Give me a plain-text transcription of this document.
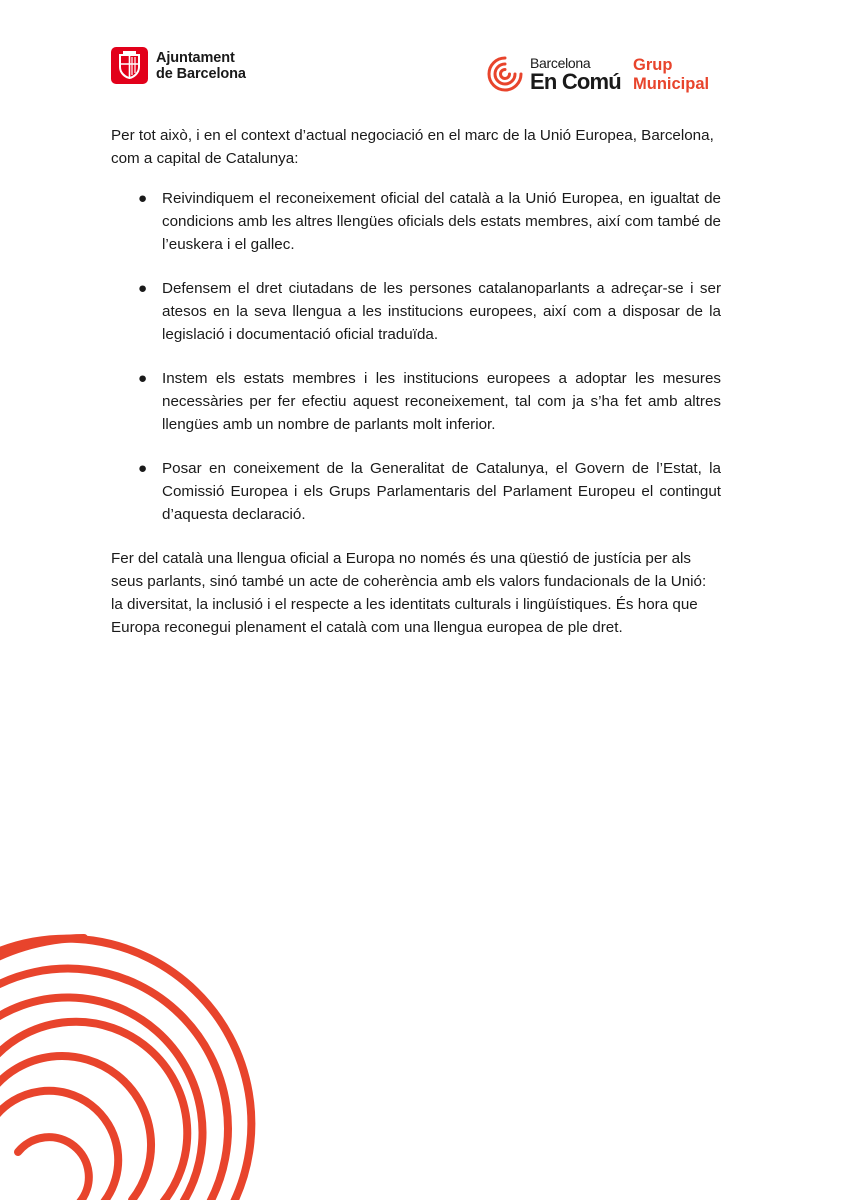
Ajuntament
de Barcelona
Barcelona
En Comú
Grup
Municipal

Per tot això, i en el context d’actual negociació en el marc de la Unió Europea, Barcelona, com a capital de Catalunya:

● Reivindiquem el reconeixement oficial del català a la Unió Europea, en igualtat de condicions amb les altres llengües oficials dels estats membres, així com també de l’euskera i el gallec.
● Defensem el dret ciutadans de les persones catalanoparlants a adreçar-se i ser atesos en la seva llengua a les institucions europees, així com a disposar de la legislació i documentació oficial traduïda.
● Instem els estats membres i les institucions europees a adoptar les mesures necessàries per fer efectiu aquest reconeixement, tal com ja s’ha fet amb altres llengües amb un nombre de parlants molt inferior.
● Posar en coneixement de la Generalitat de Catalunya, el Govern de l’Estat, la Comissió Europea i els Grups Parlamentaris del Parlament Europeu el contingut d’aquesta declaració.

Fer del català una llengua oficial a Europa no només és una qüestió de justícia per als seus parlants, sinó també un acte de coherència amb els valors fundacionals de la Unió: la diversitat, la inclusió i el respecte a les identitats culturals i lingüístiques. És hora que Europa reconegui plenament el català com una llengua europea de ple dret.
